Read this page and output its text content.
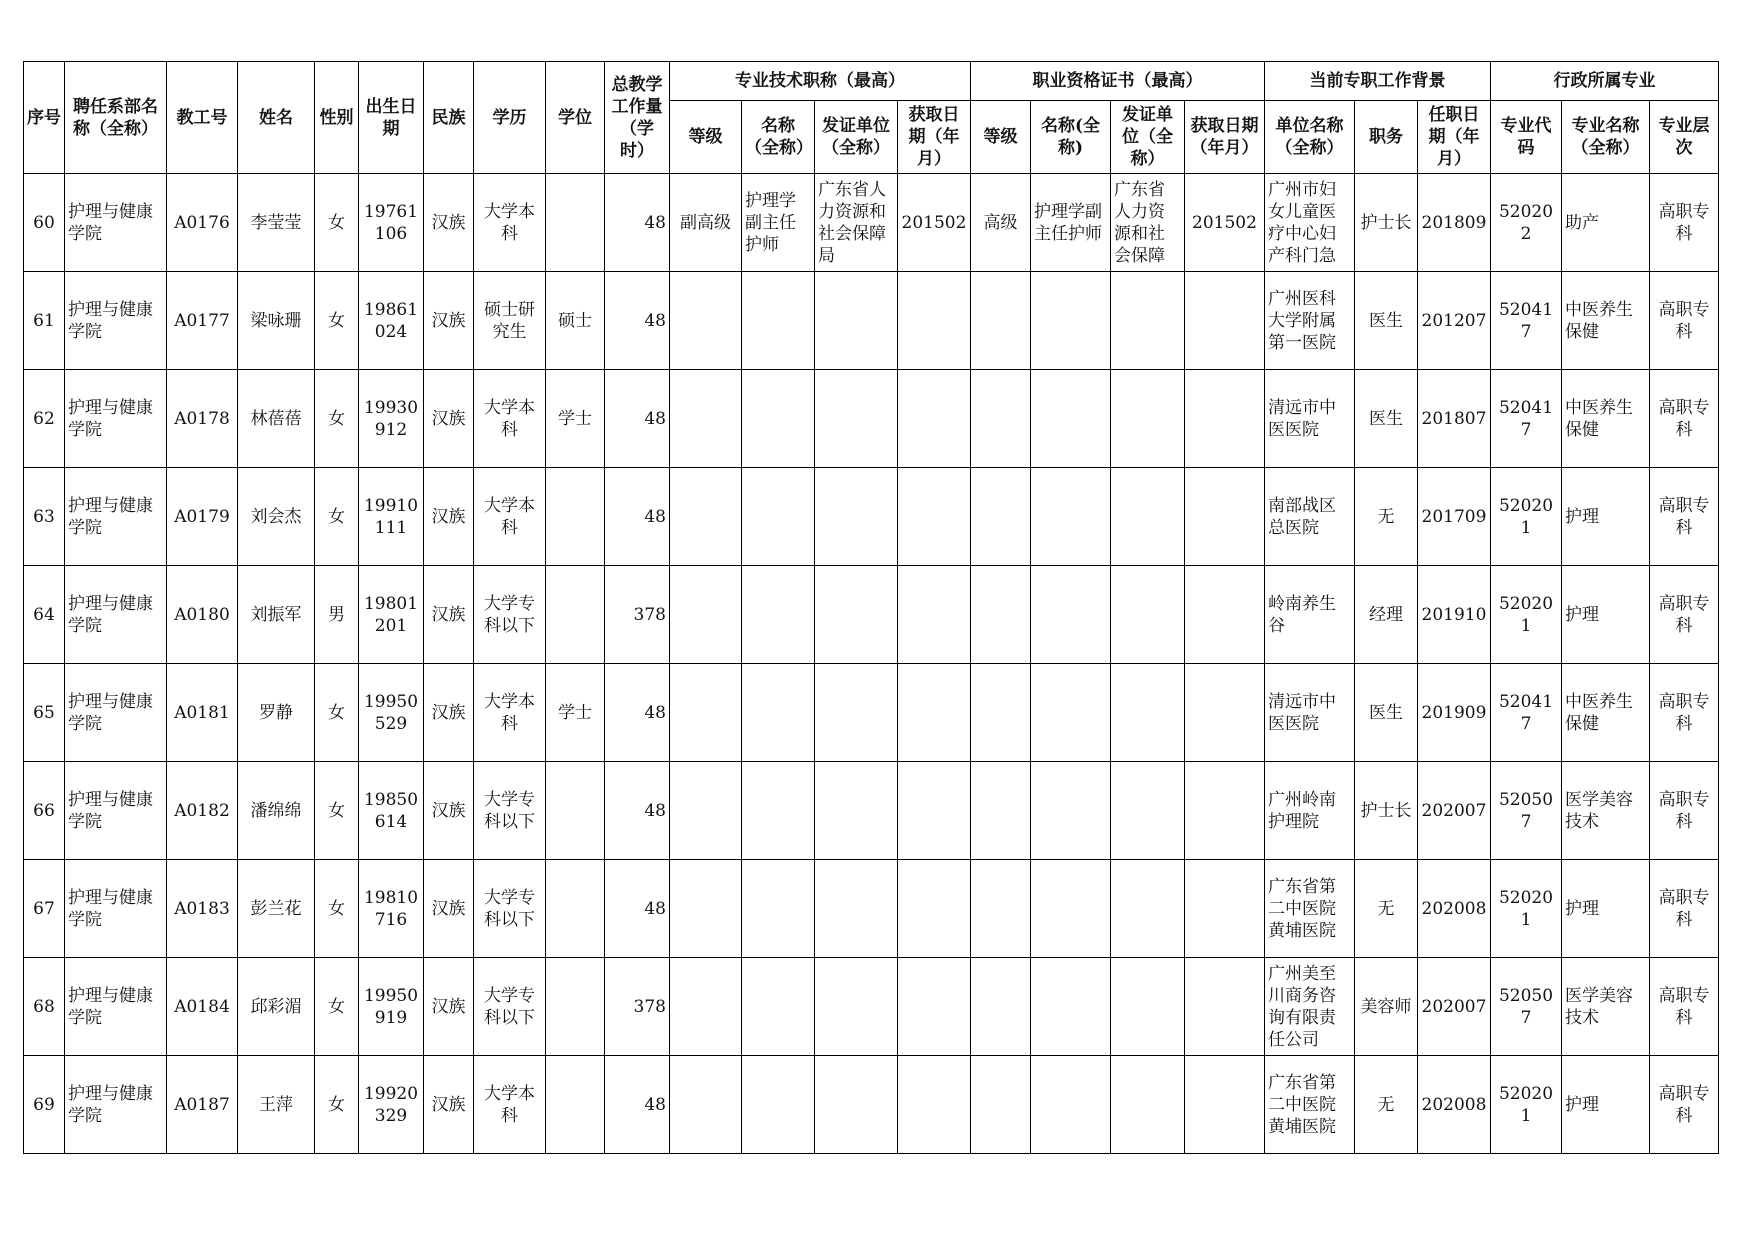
序号	聘任系部名称（全称）	教工号	姓名	性别	出生日期	民族	学历	学位	总教学工作量（学时）	专业技术职称（最高）				职业资格证书（最高）				当前专职工作背景			行政所属专业		
										等级	名称（全称）	发证单位（全称）	获取日期（年月）	等级	名称(全称)	发证单位（全称）	获取日期（年月）	单位名称（全称）	职务	任职日期（年月）	专业代码	专业名称（全称）	专业层次
60	护理与健康学院	A0176	李莹莹	女	19761106	汉族	大学本科		48	副高级	护理学副主任护师	广东省人力资源和社会保障局	201502	高级	护理学副主任护师	广东省人力资源和社会保障	201502	广州市妇女儿童医疗中心妇产科门急	护士长	201809	520202	助产	高职专科
61	护理与健康学院	A0177	梁咏珊	女	19861024	汉族	硕士研究生	硕士	48									广州医科大学附属第一医院	医生	201207	520417	中医养生保健	高职专科
62	护理与健康学院	A0178	林蓓蓓	女	19930912	汉族	大学本科	学士	48									清远市中医医院	医生	201807	520417	中医养生保健	高职专科
63	护理与健康学院	A0179	刘会杰	女	19910111	汉族	大学本科		48									南部战区总医院	无	201709	520201	护理	高职专科
64	护理与健康学院	A0180	刘振军	男	19801201	汉族	大学专科以下		378									岭南养生谷	经理	201910	520201	护理	高职专科
65	护理与健康学院	A0181	罗静	女	19950529	汉族	大学本科	学士	48									清远市中医医院	医生	201909	520417	中医养生保健	高职专科
66	护理与健康学院	A0182	潘绵绵	女	19850614	汉族	大学专科以下		48									广州岭南护理院	护士长	202007	520507	医学美容技术	高职专科
67	护理与健康学院	A0183	彭兰花	女	19810716	汉族	大学专科以下		48									广东省第二中医院黄埔医院	无	202008	520201	护理	高职专科
68	护理与健康学院	A0184	邱彩湄	女	19950919	汉族	大学专科以下		378									广州美至川商务咨询有限责任公司	美容师	202007	520507	医学美容技术	高职专科
69	护理与健康学院	A0187	王萍	女	19920329	汉族	大学本科		48									广东省第二中医院黄埔医院	无	202008	520201	护理	高职专科
